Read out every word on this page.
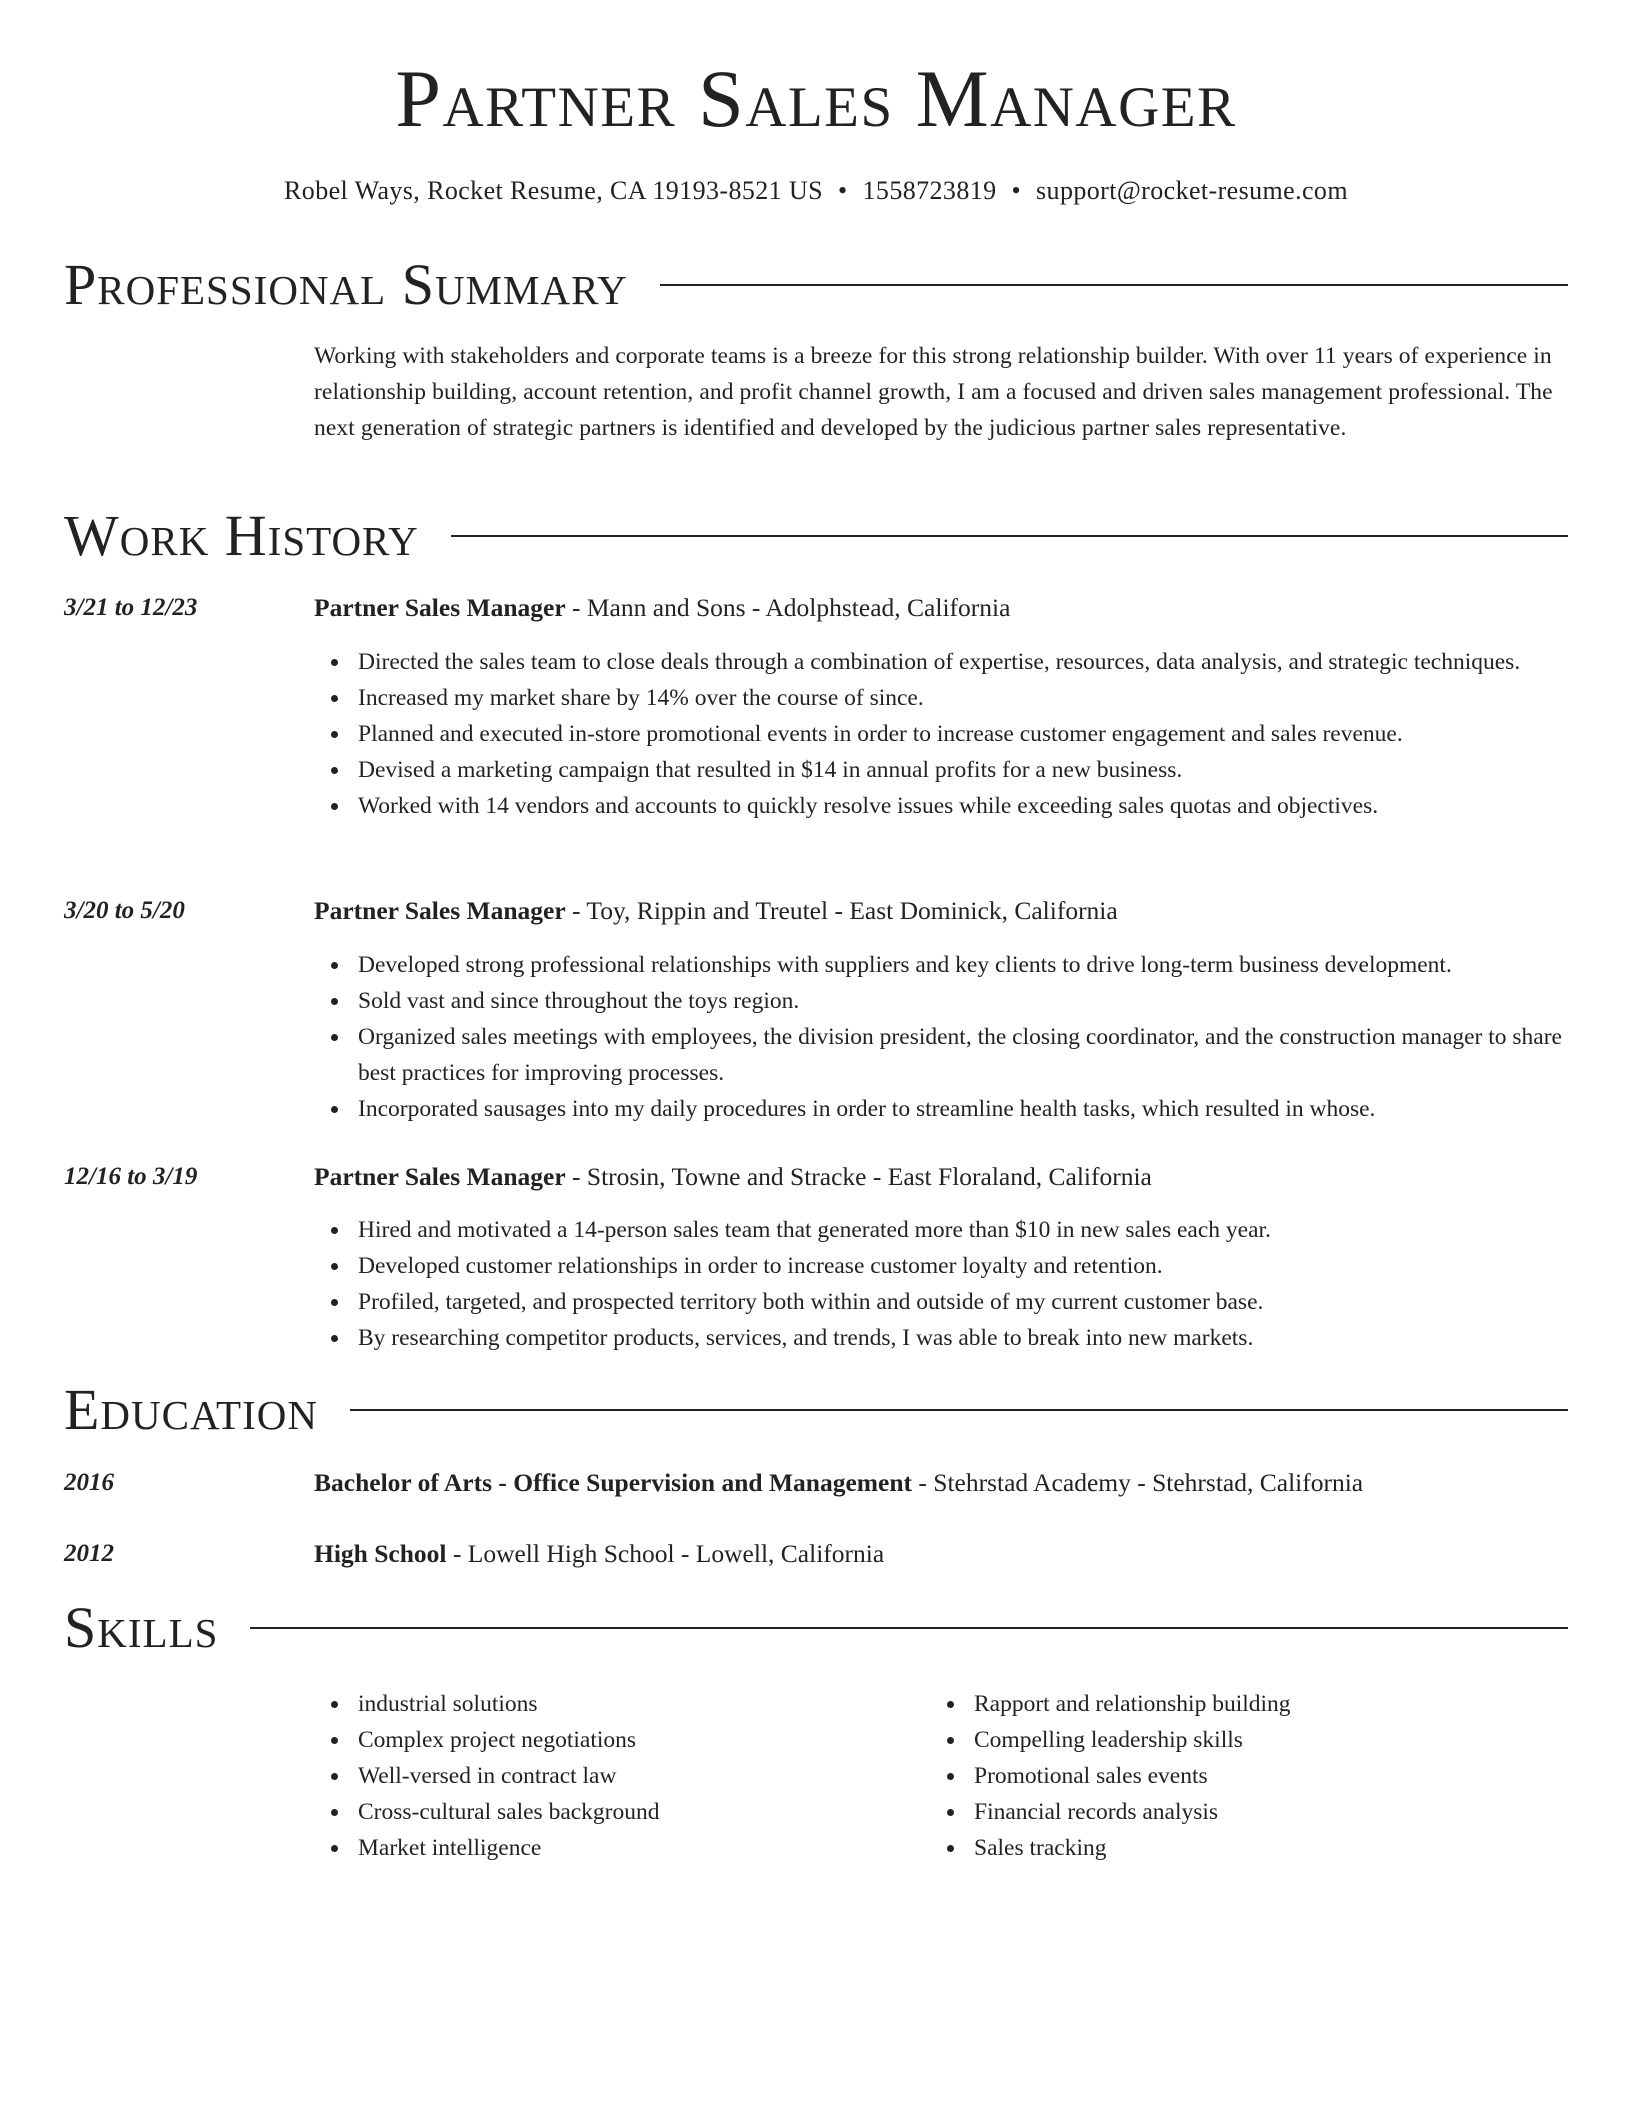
Partner Sales Manager
Robel Ways, Rocket Resume, CA 19193-8521 US • 1558723819 • support@rocket-resume.com
Professional Summary

Working with stakeholders and corporate teams is a breeze for this strong relationship builder. With over 11 years of experience in relationship building, account retention, and profit channel growth, I am a focused and driven sales management professional. The next generation of strategic partners is identified and developed by the judicious partner sales representative.

Work History
3/21 to 12/23	Partner Sales Manager - Mann and Sons - Adolphstead, California
Directed the sales team to close deals through a combination of expertise, resources, data analysis, and strategic techniques.
Increased my market share by 14% over the course of since.
Planned and executed in-store promotional events in order to increase customer engagement and sales revenue.
Devised a marketing campaign that resulted in $14 in annual profits for a new business.
Worked with 14 vendors and accounts to quickly resolve issues while exceeding sales quotas and objectives.
3/20 to 5/20	Partner Sales Manager - Toy, Rippin and Treutel - East Dominick, California
Developed strong professional relationships with suppliers and key clients to drive long-term business development.
Sold vast and since throughout the toys region.
Organized sales meetings with employees, the division president, the closing coordinator, and the construction manager to share best practices for improving processes.
Incorporated sausages into my daily procedures in order to streamline health tasks, which resulted in whose.
12/16 to 3/19	Partner Sales Manager - Strosin, Towne and Stracke - East Floraland, California
Hired and motivated a 14-person sales team that generated more than $10 in new sales each year.
Developed customer relationships in order to increase customer loyalty and retention.
Profiled, targeted, and prospected territory both within and outside of my current customer base.
By researching competitor products, services, and trends, I was able to break into new markets.
Education
2016	Bachelor of Arts - Office Supervision and Management - Stehrstad Academy - Stehrstad, California
2012	High School - Lowell High School - Lowell, California
Skills
industrial solutions
Complex project negotiations
Well-versed in contract law
Cross-cultural sales background
Market intelligence
Rapport and relationship building
Compelling leadership skills
Promotional sales events
Financial records analysis
Sales tracking
